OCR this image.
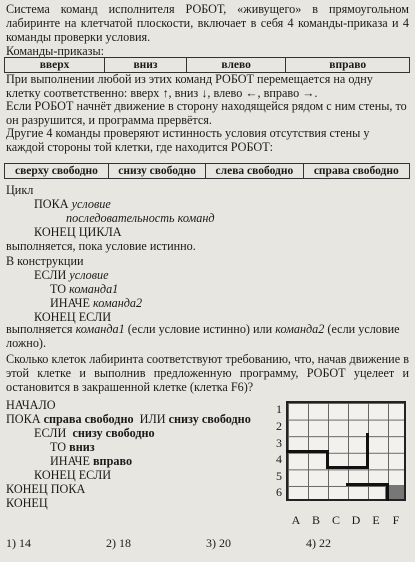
Система команд исполнителя РОБОТ, «живущего» в прямоугольном лабиринте на клетчатой плоскости, включает в себя 4 команды-приказа и 4 команды проверки условия.

Команды-приказы:

вверх	вниз	влево	вправо

При выполнении любой из этих команд РОБОТ перемещается на одну клетку соответственно: вверх ↑, вниз ↓, влево ←, вправо →.

Если РОБОТ начнёт движение в сторону находящейся рядом с ним стены, то он разрушится, и программа прервётся.

Другие 4 команды проверяют истинность условия отсутствия стены у каждой стороны той клетки, где находится РОБОТ:

сверху свободно	снизу свободно	слева свободно	справа свободно
Цикл
ПОКА условие
последовательность команд
КОНЕЦ ЦИКЛА
выполняется, пока условие истинно.
В конструкции
ЕСЛИ условие
ТО команда1
ИНАЧЕ команда2
КОНЕЦ ЕСЛИ

выполняется команда1 (если условие истинно) или команда2 (если условие ложно).

Сколько клеток лабиринта соответствуют требованию, что, начав движение в этой клетке и выполнив предложенную программу, РОБОТ уцелеет и остановится в закрашенной клетке (клетка F6)?

НАЧАЛО
ПОКА справа свободно ИЛИ снизу свободно
ЕСЛИ снизу свободно
ТО вниз
ИНАЧЕ вправо
КОНЕЦ ЕСЛИ
КОНЕЦ ПОКА
КОНЕЦ
1
2
3
4
5
6
A B C D	E	F
1) 14	2) 18	3) 20	4) 22
